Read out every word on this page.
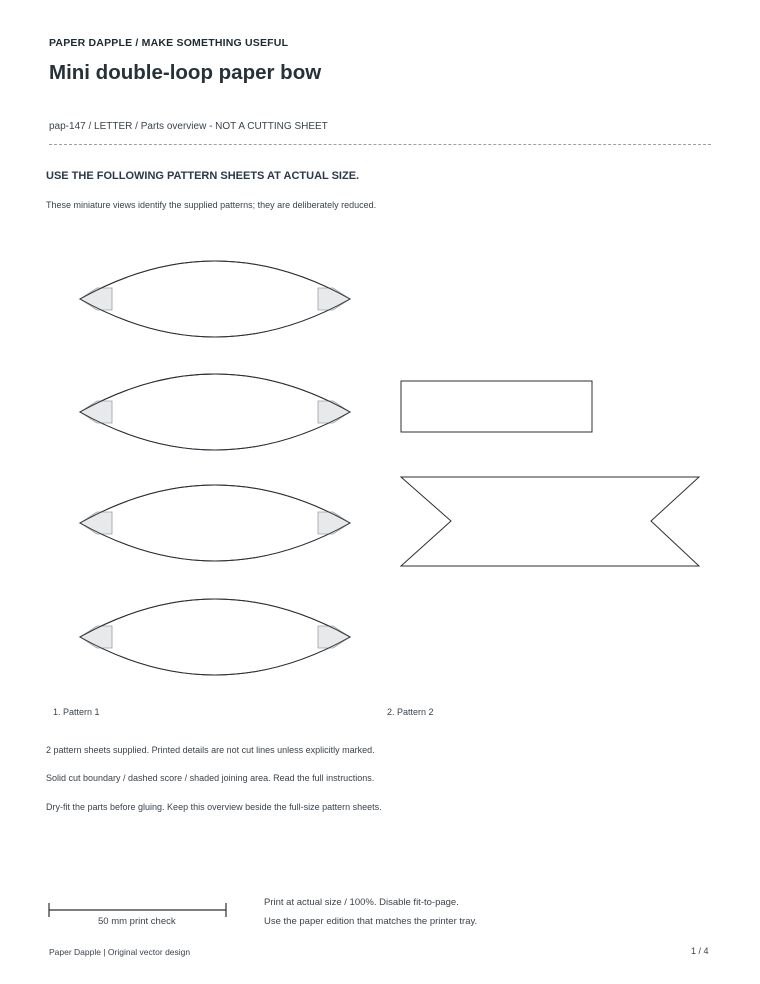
PAPER DAPPLE / MAKE SOMETHING USEFUL
Mini double-loop paper bow
pap-147 / LETTER / Parts overview - NOT A CUTTING SHEET
USE THE FOLLOWING PATTERN SHEETS AT ACTUAL SIZE.
These miniature views identify the supplied patterns; they are deliberately reduced.
1. Pattern 1	2. Pattern 2
2 pattern sheets supplied. Printed details are not cut lines unless explicitly marked.
Solid cut boundary / dashed score / shaded joining area. Read the full instructions.
Dry-fit the parts before gluing. Keep this overview beside the full-size pattern sheets.
50 mm print check
Print at actual size / 100%. Disable fit-to-page.
Use the paper edition that matches the printer tray.
Paper Dapple | Original vector design	1 / 4
